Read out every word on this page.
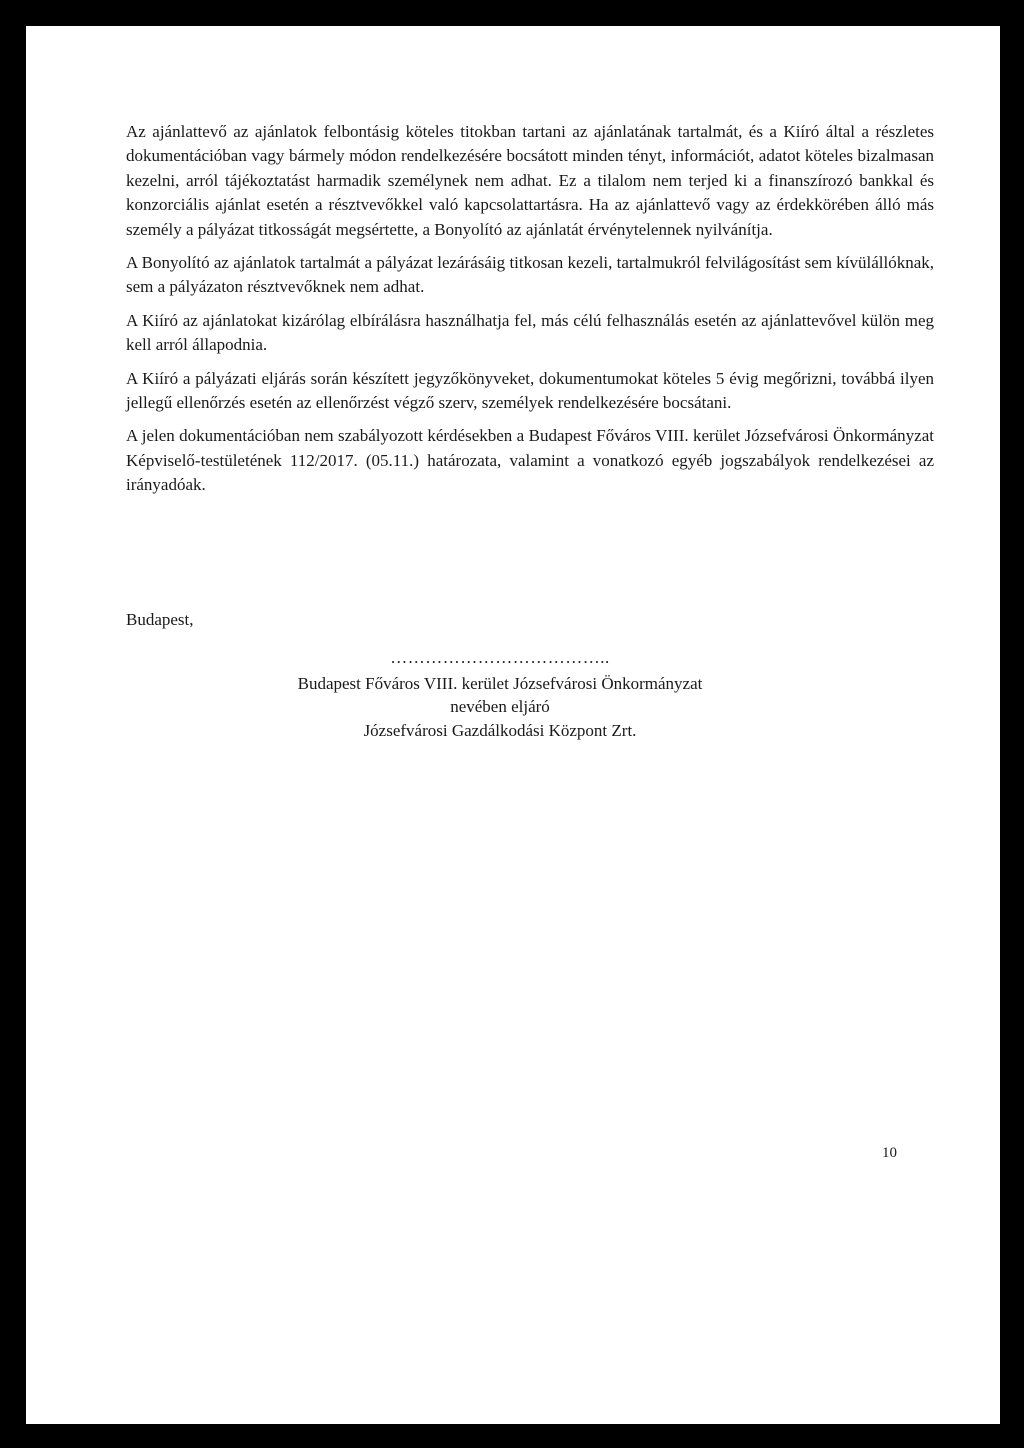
Az ajánlattevő az ajánlatok felbontásig köteles titokban tartani az ajánlatának tartalmát, és a Kiíró által a részletes dokumentációban vagy bármely módon rendelkezésére bocsátott minden tényt, információt, adatot köteles bizalmasan kezelni, arról tájékoztatást harmadik személynek nem adhat. Ez a tilalom nem terjed ki a finanszírozó bankkal és konzorciális ajánlat esetén a résztvevőkkel való kapcsolattartásra. Ha az ajánlattevő vagy az érdekkörében álló más személy a pályázat titkosságát megsértette, a Bonyolító az ajánlatát érvénytelennek nyilvánítja.

A Bonyolító az ajánlatok tartalmát a pályázat lezárásáig titkosan kezeli, tartalmukról felvilágosítást sem kívülállóknak, sem a pályázaton résztvevőknek nem adhat.

A Kiíró az ajánlatokat kizárólag elbírálásra használhatja fel, más célú felhasználás esetén az ajánlattevővel külön meg kell arról állapodnia.

A Kiíró a pályázati eljárás során készített jegyzőkönyveket, dokumentumokat köteles 5 évig megőrizni, továbbá ilyen jellegű ellenőrzés esetén az ellenőrzést végző szerv, személyek rendelkezésére bocsátani.

A jelen dokumentációban nem szabályozott kérdésekben a Budapest Főváros VIII. kerület Józsefvárosi Önkormányzat Képviselő-testületének 112/2017. (05.11.) határozata, valamint a vonatkozó egyéb jogszabályok rendelkezései az irányadóak.

Budapest,
………………………………..
Budapest Főváros VIII. kerület Józsefvárosi Önkormányzat
nevében eljáró
Józsefvárosi Gazdálkodási Központ Zrt.
10
